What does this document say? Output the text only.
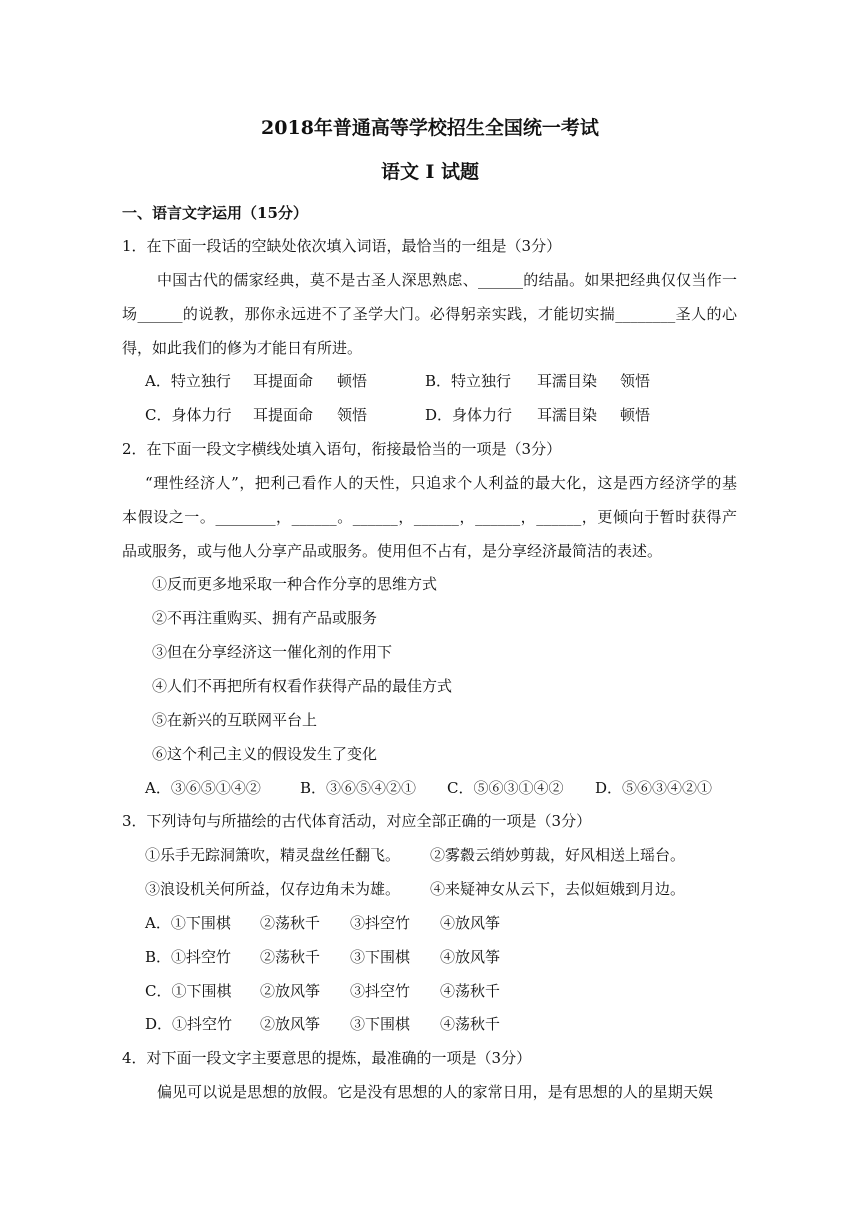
2018年普通高等学校招生全国统一考试
语文 I 试题
一、语言文字运用（15分）
1．在下面一段话的空缺处依次填入词语，最恰当的一组是（3分）
中国古代的儒家经典，莫不是古圣人深思熟虑、______的结晶。如果把经典仅仅当作一
场______的说教，那你永远进不了圣学大门。必得躬亲实践，才能切实揣________圣人的心
得，如此我们的修为才能日有所进。
A．特立独行 耳提面命 顿悟	B．特立独行 耳濡目染 领悟
C．身体力行 耳提面命 领悟	D．身体力行 耳濡目染 顿悟
2．在下面一段文字横线处填入语句，衔接最恰当的一项是（3分）
“理性经济人”，把利己看作人的天性，只追求个人利益的最大化，这是西方经济学的基
本假设之一。________，______。______，______，______，______，更倾向于暂时获得产
品或服务，或与他人分享产品或服务。使用但不占有，是分享经济最简洁的表述。
①反而更多地采取一种合作分享的思维方式
②不再注重购买、拥有产品或服务
③但在分享经济这一催化剂的作用下
④人们不再把所有权看作获得产品的最佳方式
⑤在新兴的互联网平台上
⑥这个利己主义的假设发生了变化
A．③⑥⑤①④②	B．③⑥⑤④②① C．⑤⑥③①④② D．⑤⑥③④②①
3．下列诗句与所描绘的古代体育活动，对应全部正确的一项是（3分）
①乐手无踪洞箫吹，精灵盘丝任翻飞。 ②雾縠云绡妙剪裁，好风相送上瑶台。
③浪设机关何所益，仅存边角未为雄。 ④来疑神女从云下，去似姮娥到月边。
A．①下围棋 ②荡秋千 ③抖空竹 ④放风筝
B．①抖空竹 ②荡秋千 ③下围棋 ④放风筝
C．①下围棋 ②放风筝 ③抖空竹 ④荡秋千
D．①抖空竹 ②放风筝 ③下围棋 ④荡秋千
4．对下面一段文字主要意思的提炼，最准确的一项是（3分）
偏见可以说是思想的放假。它是没有思想的人的家常日用，是有思想的人的星期天娱
